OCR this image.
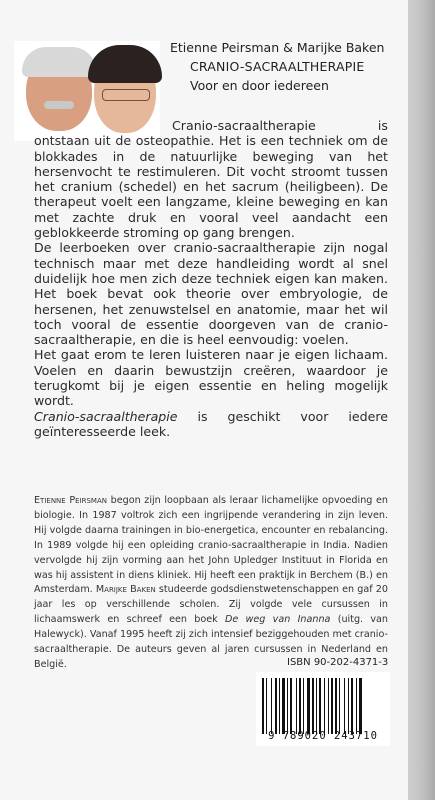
Etienne Peirsman & Marijke Baken
CRANIO-SACRAALTHERAPIE
Voor en door iedereen

Cranio-sacraaltherapie is ontstaan uit de osteopathie. Het is een techniek om de blokkades in de natuurlijke beweging van het hersenvocht te restimuleren. Dit vocht stroomt tussen het cranium (schedel) en het sacrum (heiligbeen). De therapeut voelt een langzame, kleine beweging en kan met zachte druk en vooral veel aandacht een geblokkeerde stroming op gang brengen.

De leerboeken over cranio-sacraaltherapie zijn nogal technisch maar met deze handleiding wordt al snel duidelijk hoe men zich deze techniek eigen kan maken. Het boek bevat ook theorie over embryologie, de hersenen, het zenuwstelsel en anatomie, maar het wil toch vooral de essentie doorgeven van de cranio-sacraaltherapie, en die is heel eenvoudig: voelen.

Het gaat erom te leren luisteren naar je eigen lichaam. Voelen en daarin bewustzijn creëren, waardoor je terugkomt bij je eigen essentie en heling mogelijk wordt.

Cranio-sacraaltherapie is geschikt voor iedere geïnteresseerde leek.

Etienne Peirsman begon zijn loopbaan als leraar lichamelijke opvoeding en biologie. In 1987 voltrok zich een ingrijpende verandering in zijn leven. Hij volgde daarna trainingen in bio-energetica, encounter en rebalancing. In 1989 volgde hij een opleiding cranio-sacraaltherapie in India. Nadien vervolgde hij zijn vorming aan het John Upledger Instituut in Florida en was hij assistent in diens kliniek. Hij heeft een praktijk in Berchem (B.) en Amsterdam. Marijke Baken studeerde godsdienstwetenschappen en gaf 20 jaar les op verschillende scholen. Zij volgde vele cursussen in lichaamswerk en schreef een boek De weg van Inanna (uitg. van Halewyck). Vanaf 1995 heeft zij zich intensief beziggehouden met cranio-sacraaltherapie. De auteurs geven al jaren cursussen in Nederland en België.	ISBN 90-202-4371-3
9 789020 243710
